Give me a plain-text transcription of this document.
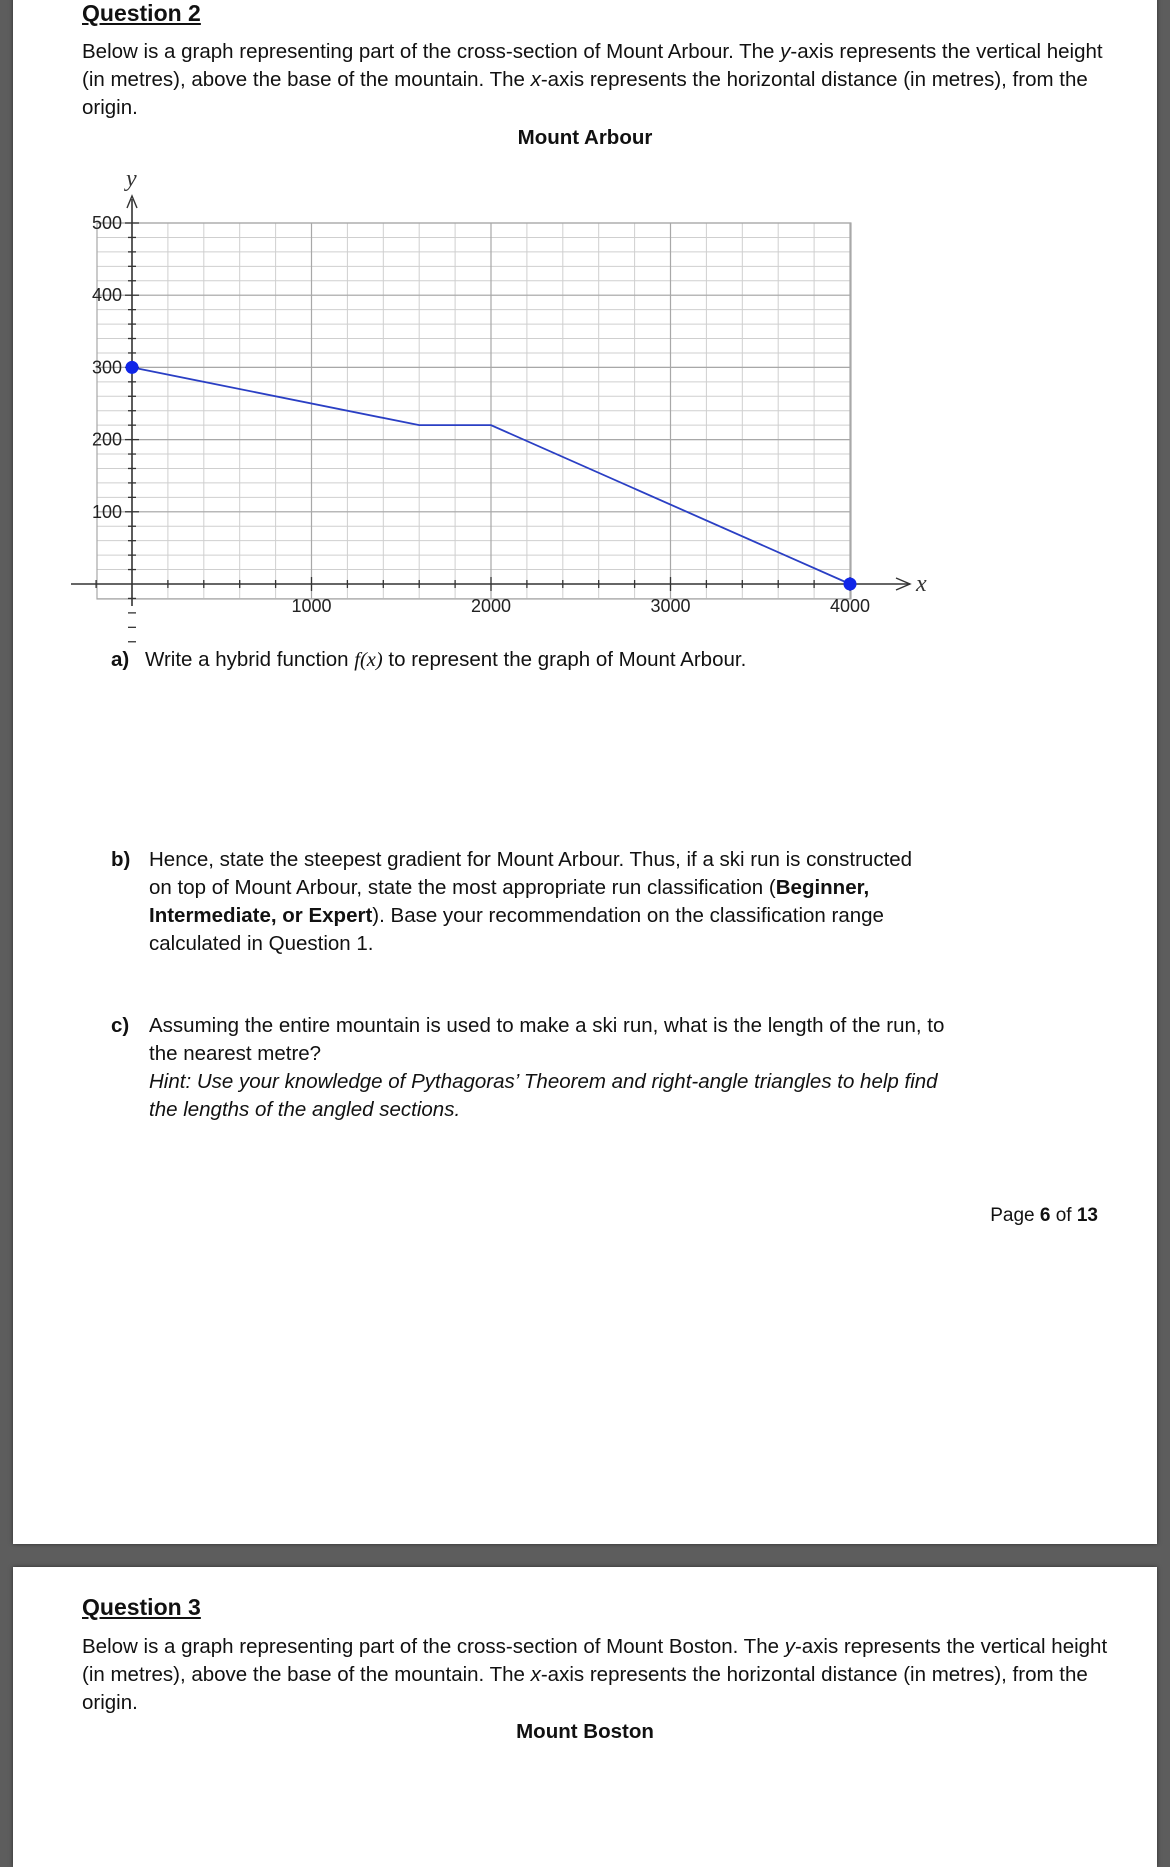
Question 2

Below is a graph representing part of the cross-section of Mount Arbour. The y-axis represents the vertical height (in metres), above the base of the mountain. The x-axis represents the horizontal distance (in metres), from the origin.

Mount Arbour

1000	2000	3000	4000
100
200
300
400
500
x
y
a) Write a hybrid function f(x) to represent the graph of Mount Arbour.
b) Hence, state the steepest gradient for Mount Arbour. Thus, if a ski run is constructed on top of Mount Arbour, state the most appropriate run classification (Beginner, Intermediate, or Expert). Base your recommendation on the classification range calculated in Question 1.
c) Assuming the entire mountain is used to make a ski run, what is the length of the run, to the nearest metre?
Hint: Use your knowledge of Pythagoras’ Theorem and right-angle triangles to help find the lengths of the angled sections.
Page 6 of 13
Question 3

Below is a graph representing part of the cross-section of Mount Boston. The y-axis represents the vertical height (in metres), above the base of the mountain. The x-axis represents the horizontal distance (in metres), from the origin.

Mount Boston
